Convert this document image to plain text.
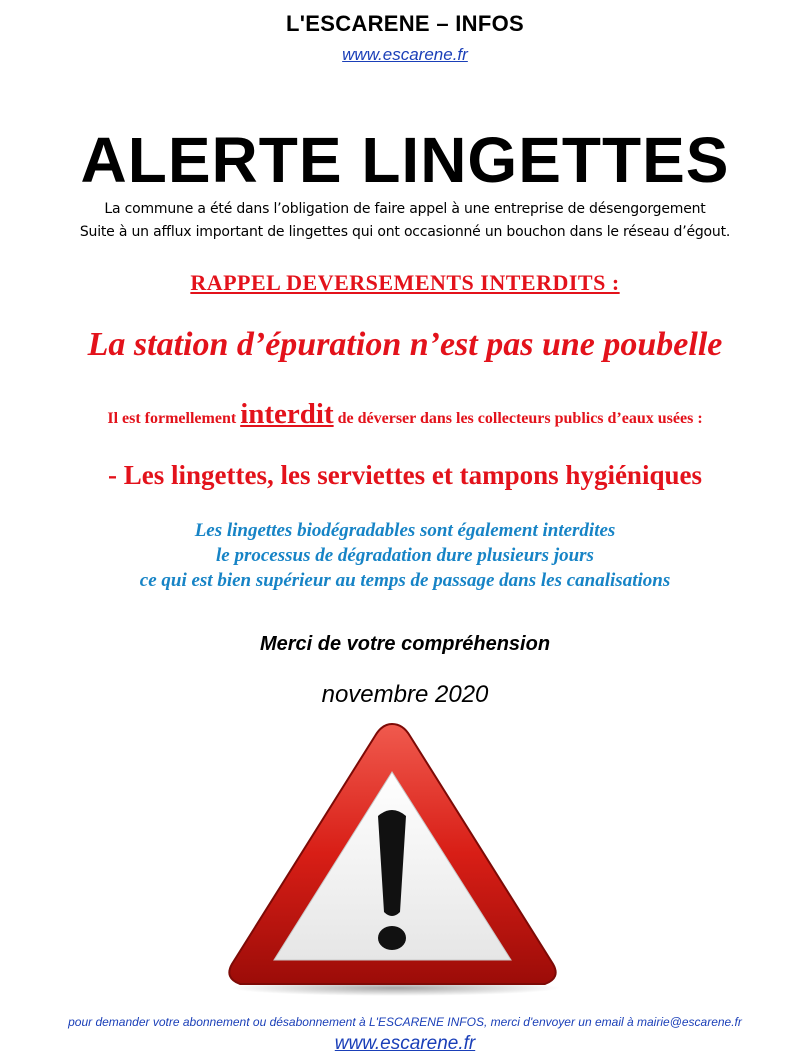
L'ESCARENE – INFOS
www.escarene.fr
ALERTE LINGETTES
La commune a été dans l’obligation de faire appel à une entreprise de désengorgement
Suite à un afflux important de lingettes qui ont occasionné un bouchon dans le réseau d’égout.
RAPPEL DEVERSEMENTS INTERDITS :
La station d’épuration n’est pas une poubelle
Il est formellement interdit de déverser dans les collecteurs publics d’eaux usées :
- Les lingettes, les serviettes et tampons hygiéniques
Les lingettes biodégradables sont également interdites
le processus de dégradation dure plusieurs jours
ce qui est bien supérieur au temps de passage dans les canalisations
Merci de votre compréhension
novembre 2020
pour demander votre abonnement ou désabonnement à L'ESCARENE INFOS, merci d'envoyer un email à mairie@escarene.fr
www.escarene.fr
